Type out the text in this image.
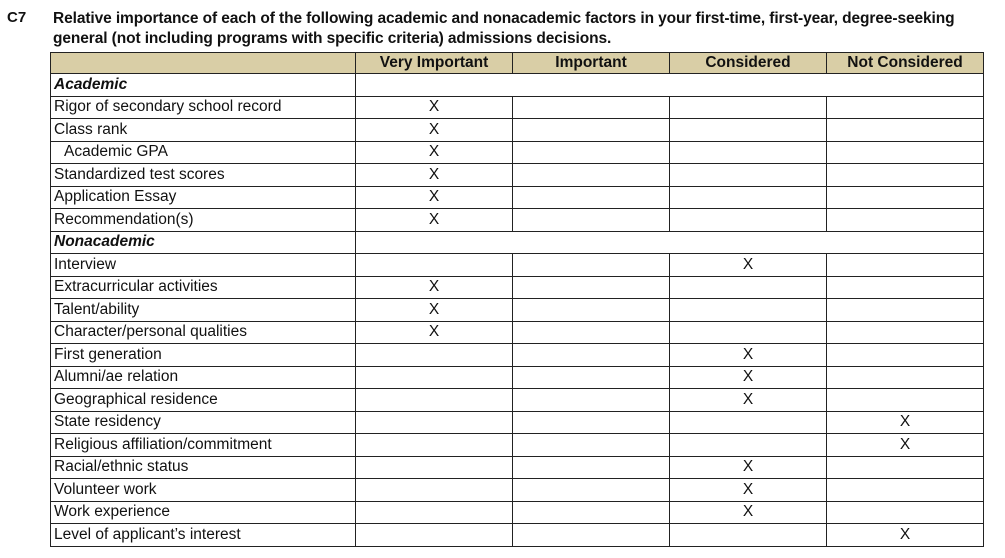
C7 Relative importance of each of the following academic and nonacademic factors in your first-time, first-year, degree-seeking general (not including programs with specific criteria) admissions decisions.
	Very Important	Important	Considered	Not Considered
Academic				
Rigor of secondary school record	X			
Class rank	X			
Academic GPA	X			
Standardized test scores	X			
Application Essay	X			
Recommendation(s)	X			
Nonacademic				
Interview			X	
Extracurricular activities	X			
Talent/ability	X			
Character/personal qualities	X			
First generation			X	
Alumni/ae relation			X	
Geographical residence			X	
State residency				X
Religious affiliation/commitment				X
Racial/ethnic status			X	
Volunteer work			X	
Work experience			X	
Level of applicant’s interest				X
